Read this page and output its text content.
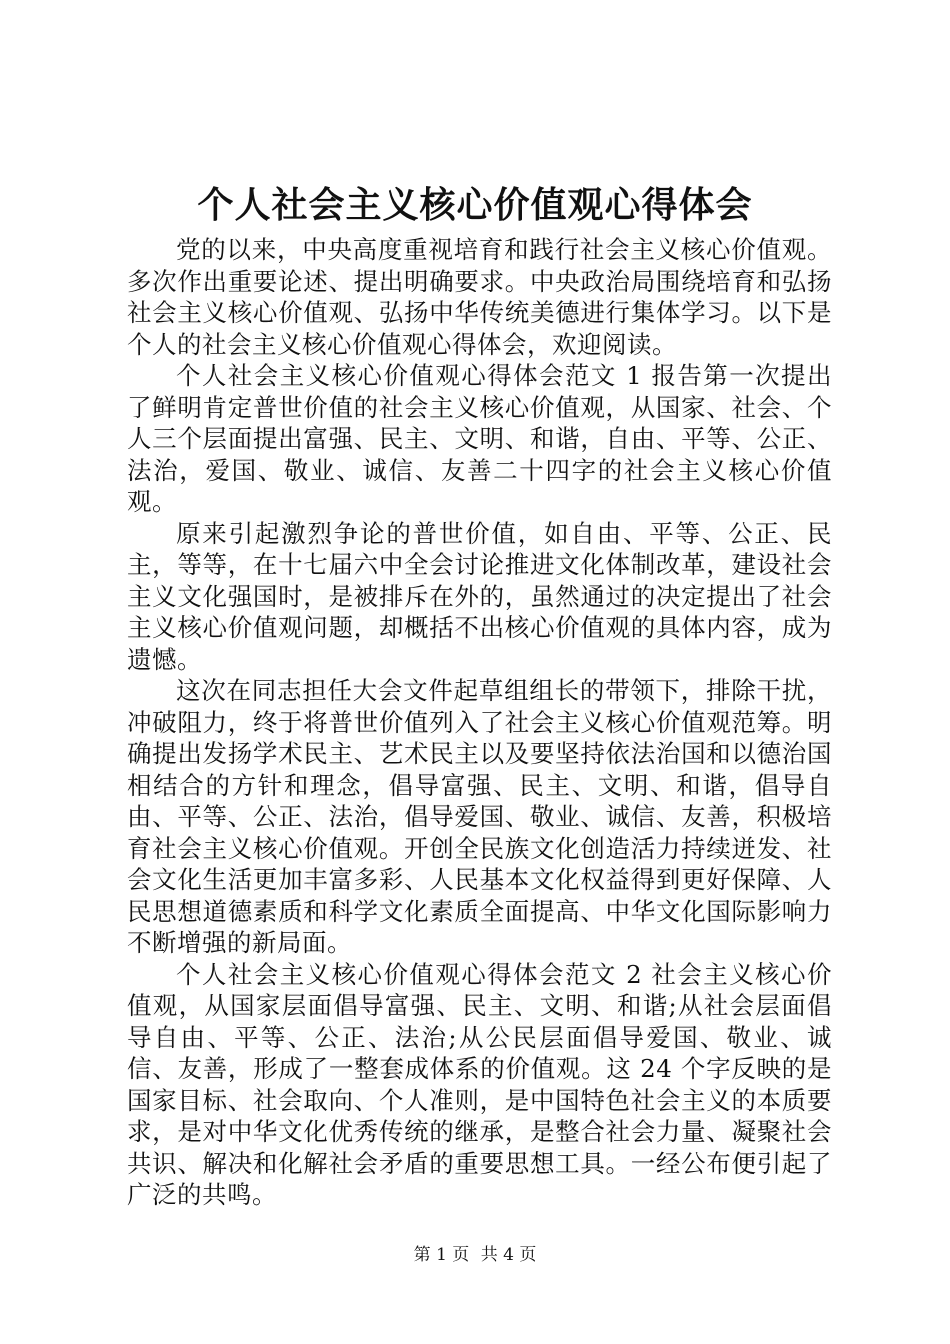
个人社会主义核心价值观心得体会

党的以来，中央高度重视培育和践行社会主义核心价值观。多次作出重要论述、提出明确要求。中央政治局围绕培育和弘扬社会主义核心价值观、弘扬中华传统美德进行集体学习。以下是个人的社会主义核心价值观心得体会，欢迎阅读。

个人社会主义核心价值观心得体会范文 1 报告第一次提出了鲜明肯定普世价值的社会主义核心价值观，从国家、社会、个人三个层面提出富强、民主、文明、和谐，自由、平等、公正、法治，爱国、敬业、诚信、友善二十四字的社会主义核心价值观。

原来引起激烈争论的普世价值，如自由、平等、公正、民主，等等，在十七届六中全会讨论推进文化体制改革，建设社会主义文化强国时，是被排斥在外的，虽然通过的决定提出了社会主义核心价值观问题，却概括不出核心价值观的具体内容，成为遗憾。

这次在同志担任大会文件起草组组长的带领下，排除干扰，冲破阻力，终于将普世价值列入了社会主义核心价值观范筹。明确提出发扬学术民主、艺术民主以及要坚持依法治国和以德治国相结合的方针和理念，倡导富强、民主、文明、和谐，倡导自由、平等、公正、法治，倡导爱国、敬业、诚信、友善，积极培育社会主义核心价值观。开创全民族文化创造活力持续迸发、社会文化生活更加丰富多彩、人民基本文化权益得到更好保障、人民思想道德素质和科学文化素质全面提高、中华文化国际影响力不断增强的新局面。

个人社会主义核心价值观心得体会范文 2 社会主义核心价值观，从国家层面倡导富强、民主、文明、和谐;从社会层面倡导自由、平等、公正、法治;从公民层面倡导爱国、敬业、诚信、友善，形成了一整套成体系的价值观。这 24 个字反映的是国家目标、社会取向、个人准则，是中国特色社会主义的本质要求，是对中华文化优秀传统的继承，是整合社会力量、凝聚社会共识、解决和化解社会矛盾的重要思想工具。一经公布便引起了广泛的共鸣。

第 1 页 共 4 页
